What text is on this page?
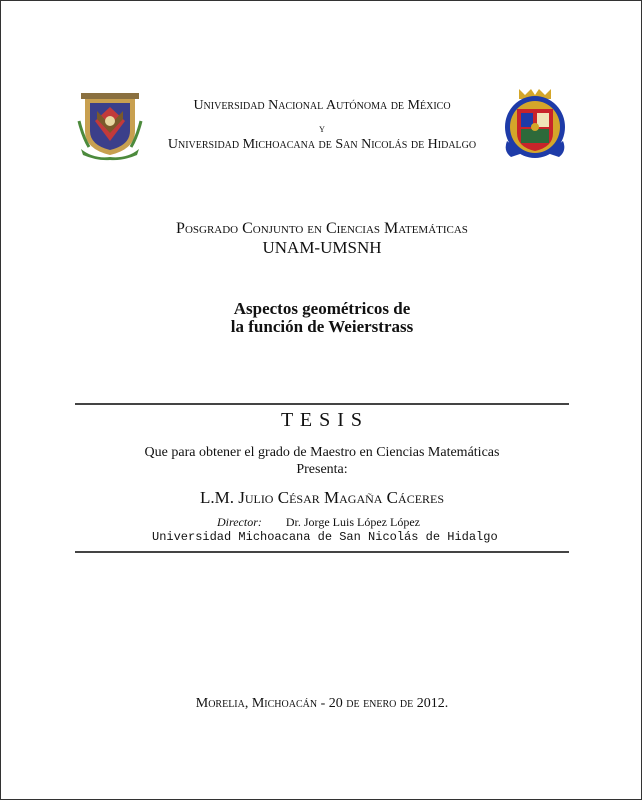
Universidad Nacional Autónoma de México
y
Universidad Michoacana de San Nicolás de Hidalgo
Posgrado Conjunto en Ciencias Matemáticas
UNAM-UMSNH
Aspectos geométricos de
la función de Weierstrass
T E S I S
Que para obtener el grado de Maestro en Ciencias Matemáticas
Presenta:
L.M. Julio César Magaña Cáceres
Director: Dr. Jorge Luis López López
Universidad Michoacana de San Nicolás de Hidalgo
Morelia, Michoacán - 20 de enero de 2012.
